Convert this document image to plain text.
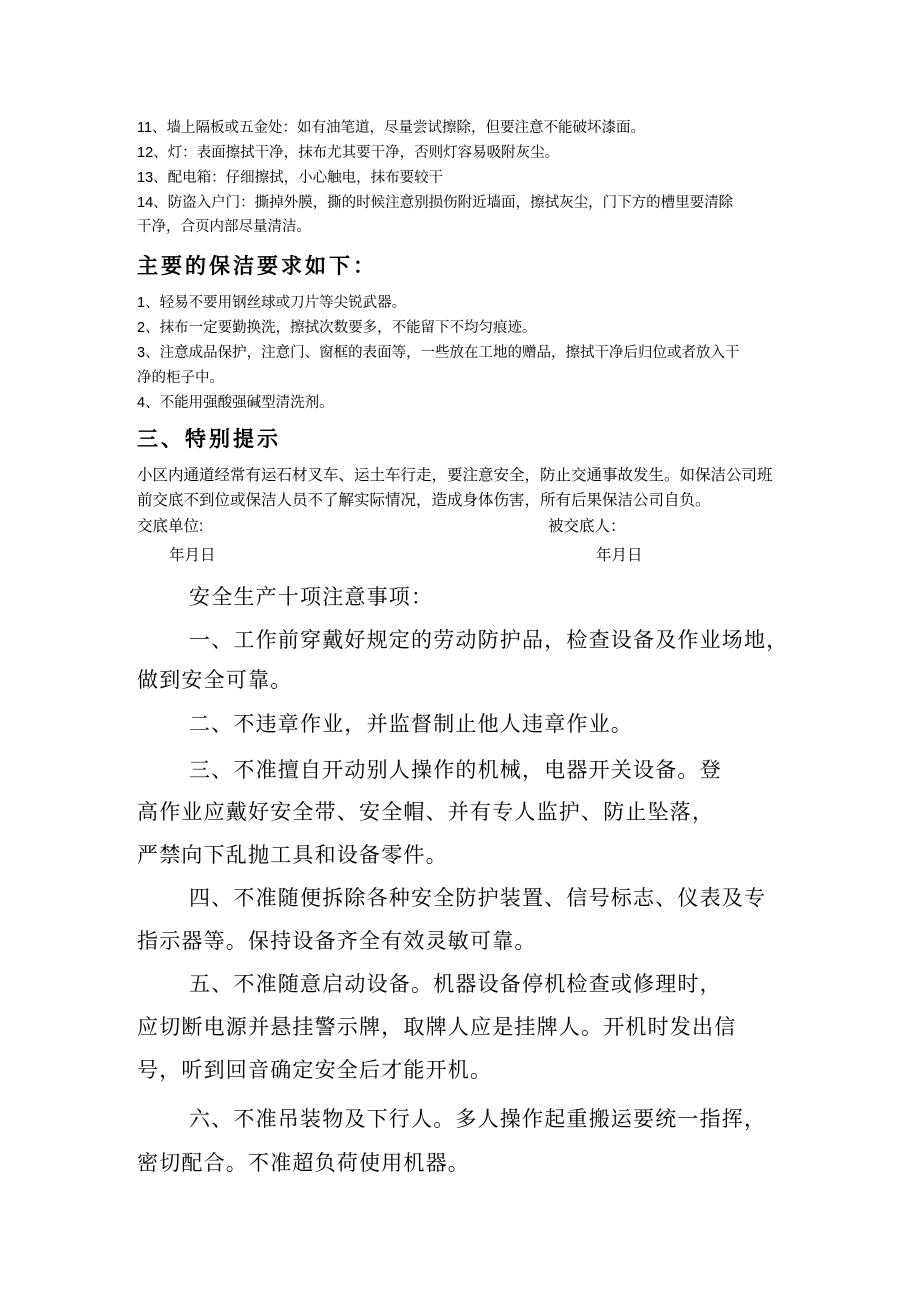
11、墙上隔板或五金处：如有油笔道，尽量尝试擦除，但要注意不能破坏漆面。
12、灯：表面擦拭干净，抹布尤其要干净，否则灯容易吸附灰尘。
13、配电箱：仔细擦拭，小心触电，抹布要较干
14、防盗入户门：撕掉外膜，撕的时候注意别损伤附近墙面，擦拭灰尘，门下方的槽里要清除
干净，合页内部尽量清洁。
主要的保洁要求如下：
1、轻易不要用钢丝球或刀片等尖锐武器。
2、抹布一定要勤换洗，擦拭次数要多，不能留下不均匀痕迹。
3、注意成品保护，注意门、窗框的表面等，一些放在工地的赠品，擦拭干净后归位或者放入干
净的柜子中。
4、不能用强酸强碱型清洗剂。
三、特别提示
小区内通道经常有运石材叉车、运土车行走，要注意安全，防止交通事故发生。如保洁公司班
前交底不到位或保洁人员不了解实际情况，造成身体伤害，所有后果保洁公司自负。
交底单位:	被交底人：
年月日	年月日
安全生产十项注意事项：
一、工作前穿戴好规定的劳动防护品，检查设备及作业场地，
做到安全可靠。
二、不违章作业，并监督制止他人违章作业。
三、不准擅自开动别人操作的机械，电器开关设备。登
高作业应戴好安全带、安全帽、并有专人监护、防止坠落，
严禁向下乱抛工具和设备零件。
四、不准随便拆除各种安全防护装置、信号标志、仪表及专
指示器等。保持设备齐全有效灵敏可靠。
五、不准随意启动设备。机器设备停机检查或修理时，
应切断电源并悬挂警示牌，取牌人应是挂牌人。开机时发出信
号，听到回音确定安全后才能开机。
六、不准吊装物及下行人。多人操作起重搬运要统一指挥，
密切配合。不准超负荷使用机器。
